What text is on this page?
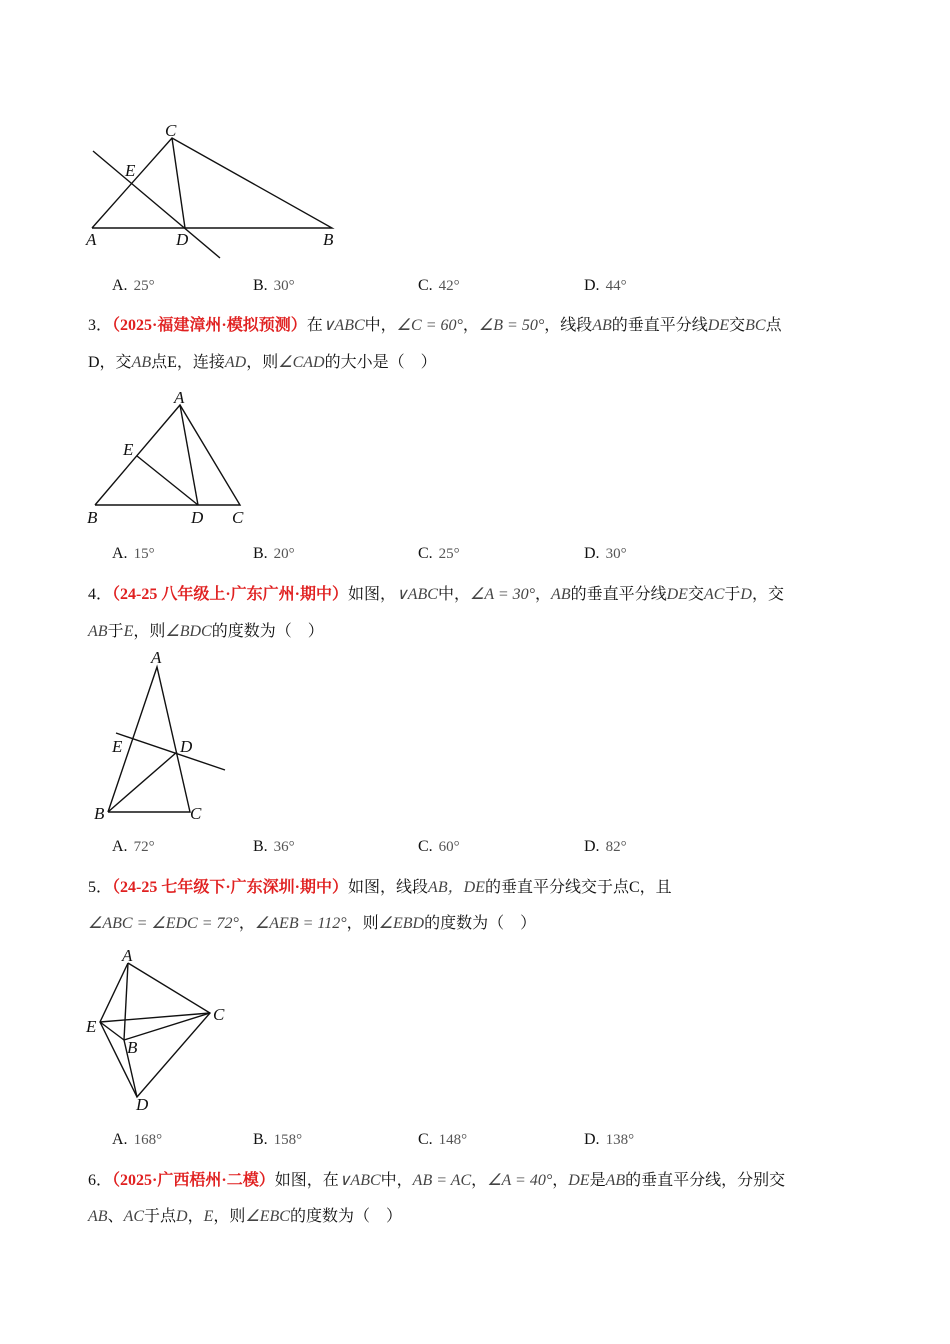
C
E
A	D	B
A
E
B	D C
A
E	D
B	C
A
C
E
B
D
A. 25°	B. 30°	C. 42°	D. 44°
3．（2025·福建漳州·模拟预测）在∨ABC中，∠C = 60°，∠B = 50°，线段AB的垂直平分线DE交BC点
D，交AB点E，连接AD，则∠CAD的大小是（　）
A. 15°	B. 20°	C. 25°	D. 30°
4．（24-25 八年级上·广东广州·期中）如图，∨ABC中，∠A = 30°，AB的垂直平分线DE交AC于D，交
AB于E，则∠BDC的度数为（　）
A. 72°	B. 36°	C. 60°	D. 82°
5．（24-25 七年级下·广东深圳·期中）如图，线段AB，DE的垂直平分线交于点C，且
∠ABC = ∠EDC = 72°，∠AEB = 112°，则∠EBD的度数为（　）
A. 168°	B. 158°	C. 148°	D. 138°
6．（2025·广西梧州·二模）如图，在∨ABC中，AB = AC，∠A = 40°，DE是AB的垂直平分线，分别交
AB、AC于点D，E，则∠EBC的度数为（　）
